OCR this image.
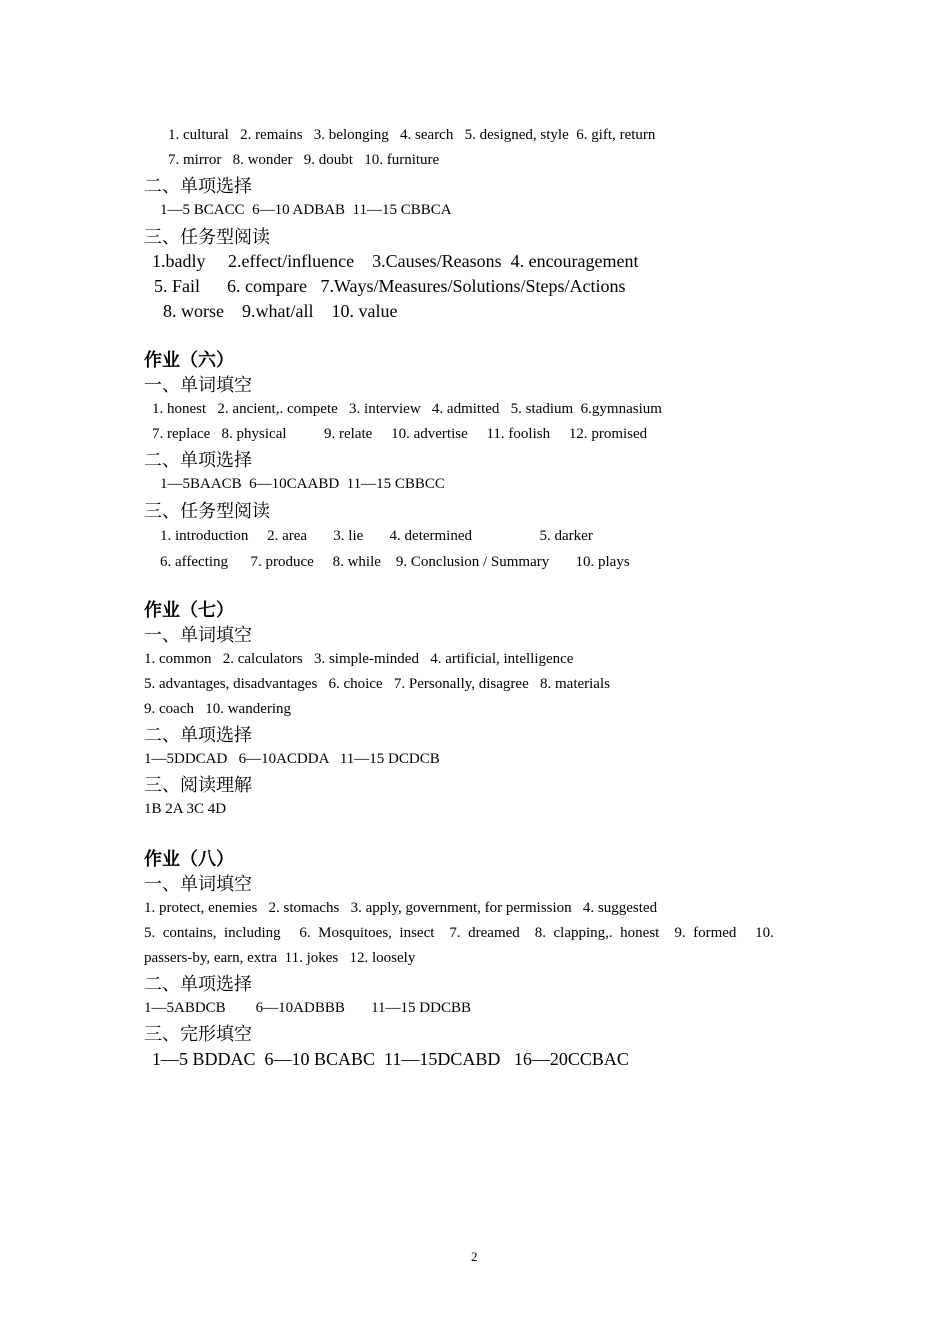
1. cultural   2. remains   3. belonging   4. search   5. designed, style  6. gift, return
7. mirror   8. wonder   9. doubt   10. furniture
二、单项选择
1—5 BCACC  6—10 ADBAB  11—15 CBBCA
三、任务型阅读
1.badly     2.effect/influence    3.Causes/Reasons  4. encouragement
5. Fail      6. compare   7.Ways/Measures/Solutions/Steps/Actions
8. worse    9.what/all    10. value
作业（六）
一、单词填空
1. honest   2. ancient,. compete   3. interview   4. admitted   5. stadium  6.gymnasium
7. replace   8. physical          9. relate     10. advertise     11. foolish     12. promised
二、单项选择
1—5BAACB  6—10CAABD  11—15 CBBCC
三、任务型阅读
1. introduction     2. area       3. lie       4. determined                  5. darker
6. affecting      7. produce     8. while    9. Conclusion / Summary       10. plays
作业（七）
一、单词填空
1. common   2. calculators   3. simple-minded   4. artificial, intelligence
5. advantages, disadvantages   6. choice   7. Personally, disagree   8. materials
9. coach   10. wandering
二、单项选择
1—5DDCAD   6—10ACDDA   11—15 DCDCB
三、阅读理解
1B 2A 3C 4D
作业（八）
一、单词填空
1. protect, enemies   2. stomachs   3. apply, government, for permission   4. suggested
5.  contains,  including     6.  Mosquitoes,  insect    7.  dreamed    8.  clapping,.  honest    9.  formed     10.
passers-by, earn, extra  11. jokes   12. loosely
二、单项选择
1—5ABDCB        6—10ADBBB       11—15 DDCBB
三、完形填空
1—5 BDDAC  6—10 BCABC  11—15DCABD   16—20CCBAC
2
